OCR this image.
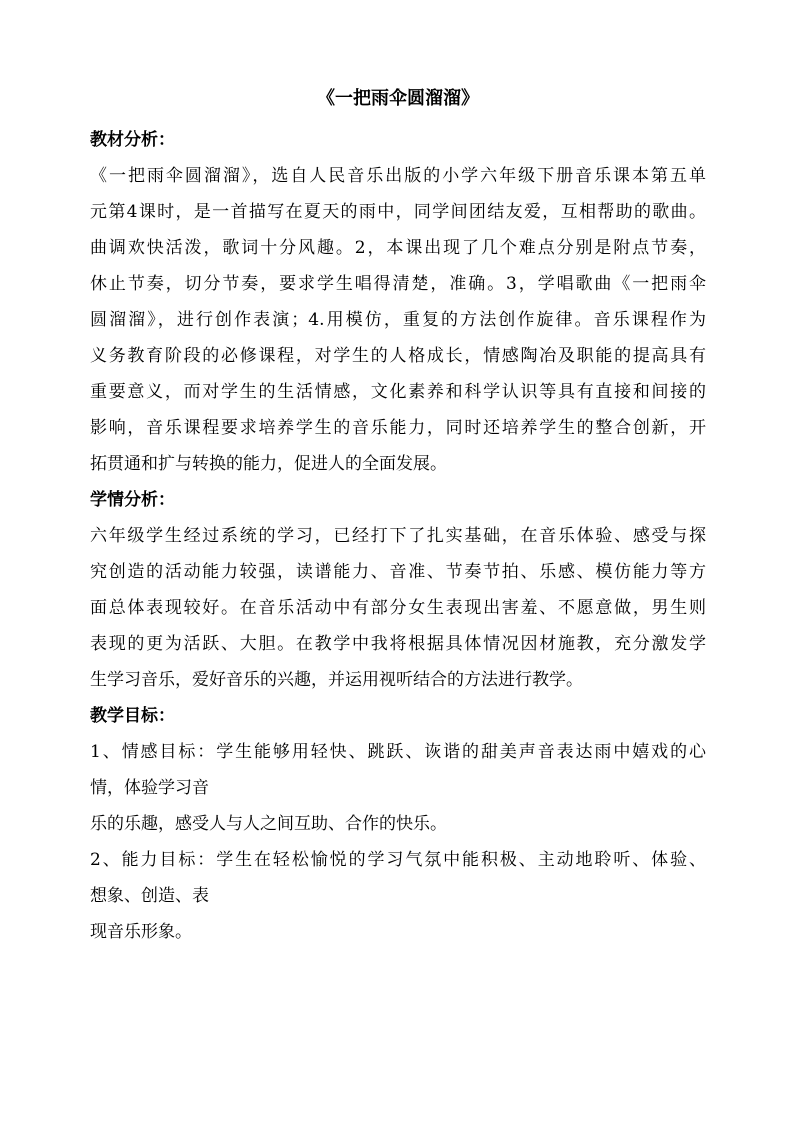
《一把雨伞圆溜溜》

教材分析：

《一把雨伞圆溜溜》，选自人民音乐出版的小学六年级下册音乐课本第五单

元第4课时，是一首描写在夏天的雨中，同学间团结友爱，互相帮助的歌曲。

曲调欢快活泼，歌词十分风趣。2，本课出现了几个难点分别是附点节奏，

休止节奏，切分节奏，要求学生唱得清楚，准确。3，学唱歌曲《一把雨伞

圆溜溜》，进行创作表演；4.用模仿，重复的方法创作旋律。音乐课程作为

义务教育阶段的必修课程，对学生的人格成长，情感陶冶及职能的提高具有

重要意义，而对学生的生活情感，文化素养和科学认识等具有直接和间接的

影响，音乐课程要求培养学生的音乐能力，同时还培养学生的整合创新，开

拓贯通和扩与转换的能力，促进人的全面发展。

学情分析：

六年级学生经过系统的学习，已经打下了扎实基础，在音乐体验、感受与探

究创造的活动能力较强，读谱能力、音准、节奏节拍、乐感、模仿能力等方

面总体表现较好。在音乐活动中有部分女生表现出害羞、不愿意做，男生则

表现的更为活跃、大胆。在教学中我将根据具体情况因材施教，充分激发学

生学习音乐，爱好音乐的兴趣，并运用视听结合的方法进行教学。

教学目标：

1、情感目标：学生能够用轻快、跳跃、诙谐的甜美声音表达雨中嬉戏的心

情，体验学习音

乐的乐趣，感受人与人之间互助、合作的快乐。

2、能力目标：学生在轻松愉悦的学习气氛中能积极、主动地聆听、体验、

想象、创造、表

现音乐形象。
